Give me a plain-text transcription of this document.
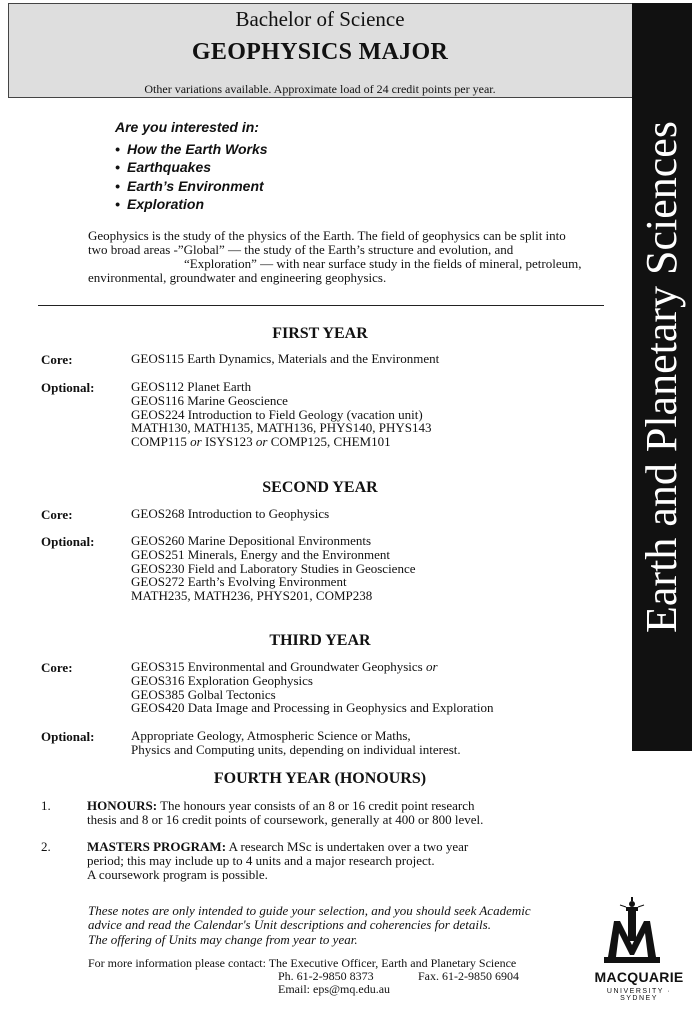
Bachelor of Science
GEOPHYSICS MAJOR
Other variations available. Approximate load of 24 credit points per year.
Earth and Planetary Sciences
Are you interested in:
• How the Earth Works
• Earthquakes
• Earth’s Environment
• Exploration
Geophysics is the study of the physics of the Earth. The field of geophysics can be split into
two broad areas -”Global” — the study of the Earth’s structure and evolution, and
“Exploration” — with near surface study in the fields of mineral, petroleum,
environmental, groundwater and engineering geophysics.
FIRST YEAR
Core:	GEOS115 Earth Dynamics, Materials and the Environment
Optional:	GEOS112 Planet Earth
GEOS116 Marine Geoscience
GEOS224 Introduction to Field Geology (vacation unit)
MATH130, MATH135, MATH136, PHYS140, PHYS143
COMP115 or ISYS123 or COMP125, CHEM101
SECOND YEAR
Core:	GEOS268 Introduction to Geophysics
Optional:	GEOS260 Marine Depositional Environments
GEOS251 Minerals, Energy and the Environment
GEOS230 Field and Laboratory Studies in Geoscience
GEOS272 Earth’s Evolving Environment
MATH235, MATH236, PHYS201, COMP238
THIRD YEAR
Core:	GEOS315 Environmental and Groundwater Geophysics or
GEOS316 Exploration Geophysics
GEOS385 Golbal Tectonics
GEOS420 Data Image and Processing in Geophysics and Exploration
Optional:	Appropriate Geology, Atmospheric Science or Maths,
Physics and Computing units, depending on individual interest.
FOURTH YEAR (HONOURS)
1.	HONOURS: The honours year consists of an 8 or 16 credit point research
thesis and 8 or 16 credit points of coursework, generally at 400 or 800 level.
2.	MASTERS PROGRAM: A research MSc is undertaken over a two year
period; this may include up to 4 units and a major research project.
A coursework program is possible.
These notes are only intended to guide your selection, and you should seek Academic
advice and read the Calendar's Unit descriptions and coherencies for details.
The offering of Units may change from year to year.
For more information please contact: The Executive Officer, Earth and Planetary Science
Ph. 61-2-9850 8373	Fax. 61-2-9850 6904
Email: eps@mq.edu.au
MACQUARIE
UNIVERSITY · SYDNEY
